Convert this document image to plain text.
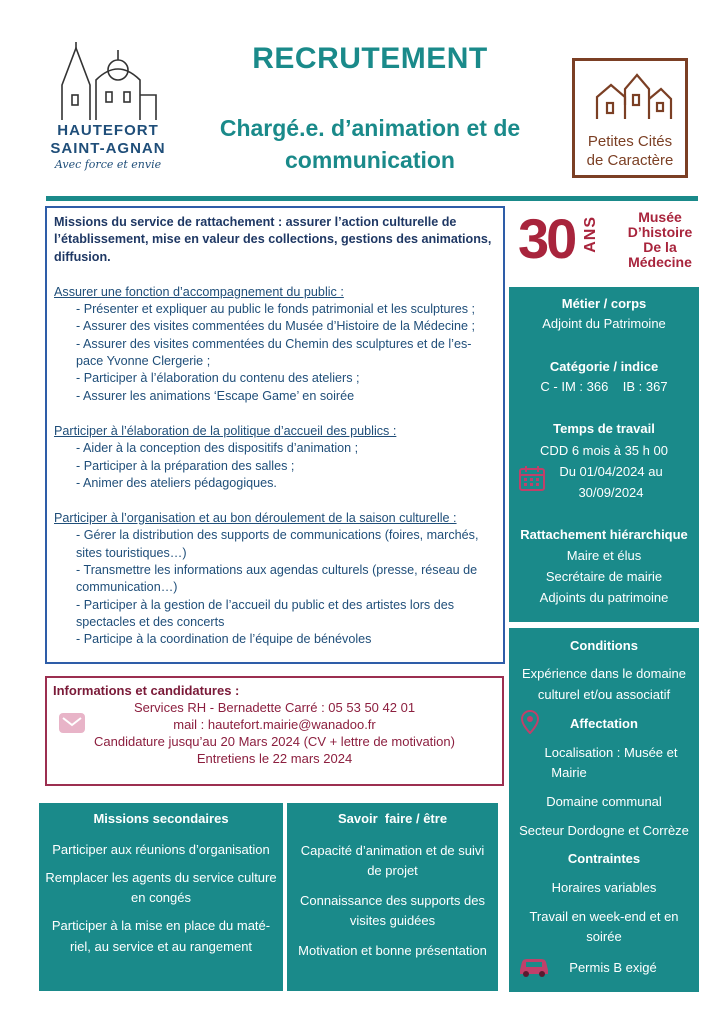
HAUTEFORT
SAINT-AGNAN
Avec force et envie
RECRUTEMENT
Chargé.e. d’animation et de
communication
Petites Cités
de Caractère
Missions du service de rattachement : assurer l’action culturelle de l’établissement, mise en valeur des collections, gestions des animations, diffusion.
Assurer une fonction d’accompagnement du public :
- Présenter et expliquer au public le fonds patrimonial et les sculptures ;
- Assurer des visites commentées du Musée d’Histoire de la Médecine ;
- Assurer des visites commentées du Chemin des sculptures et de l’es-pace Yvonne Clergerie ;
- Participer à l’élaboration du contenu des ateliers ;
- Assurer les animations ‘Escape Game’ en soirée
Participer à l’élaboration de la politique d’accueil des publics :
- Aider à la conception des dispositifs d’animation ;
- Participer à la préparation des salles ;
- Animer des ateliers pédagogiques.
Participer à l’organisation et au bon déroulement de la saison culturelle :
- Gérer la distribution des supports de communications (foires, marchés, sites touristiques…)
- Transmettre les informations aux agendas culturels (presse, réseau de communication…)
- Participer à la gestion de l’accueil du public et des artistes lors des spectacles et des concerts
- Participe à la coordination de l’équipe de bénévoles
30 ANS	Musée
D’histoire
De la
Médecine
Métier / corps
Adjoint du Patrimoine
Catégorie / indice
C - IM : 366    IB : 367
Temps de travail
CDD 6 mois à 35 h 00
Du 01/04/2024 au
30/09/2024
Rattachement hiérarchique
Maire et élus
Secrétaire de mairie
Adjoints du patrimoine
Conditions
Expérience dans le domaine
culturel et/ou associatif
Affectation
Localisation : Musée et
Mairie
Domaine communal
Secteur Dordogne et Corrèze
Contraintes
Horaires variables
Travail en week-end et en
soirée
Permis B exigé
Informations et candidatures :
Services RH - Bernadette Carré : 05 53 50 42 01
mail : hautefort.mairie@wanadoo.fr
Candidature jusqu’au 20 Mars 2024 (CV + lettre de motivation)
Entretiens le 22 mars 2024
Missions secondaires
Participer aux réunions d’organisation
Remplacer les agents du service culture
en congés
Participer à la mise en place du maté-
riel, au service et au rangement
Savoir  faire / être
Capacité d’animation et de suivi
de projet
Connaissance des supports des
visites guidées
Motivation et bonne présentation
